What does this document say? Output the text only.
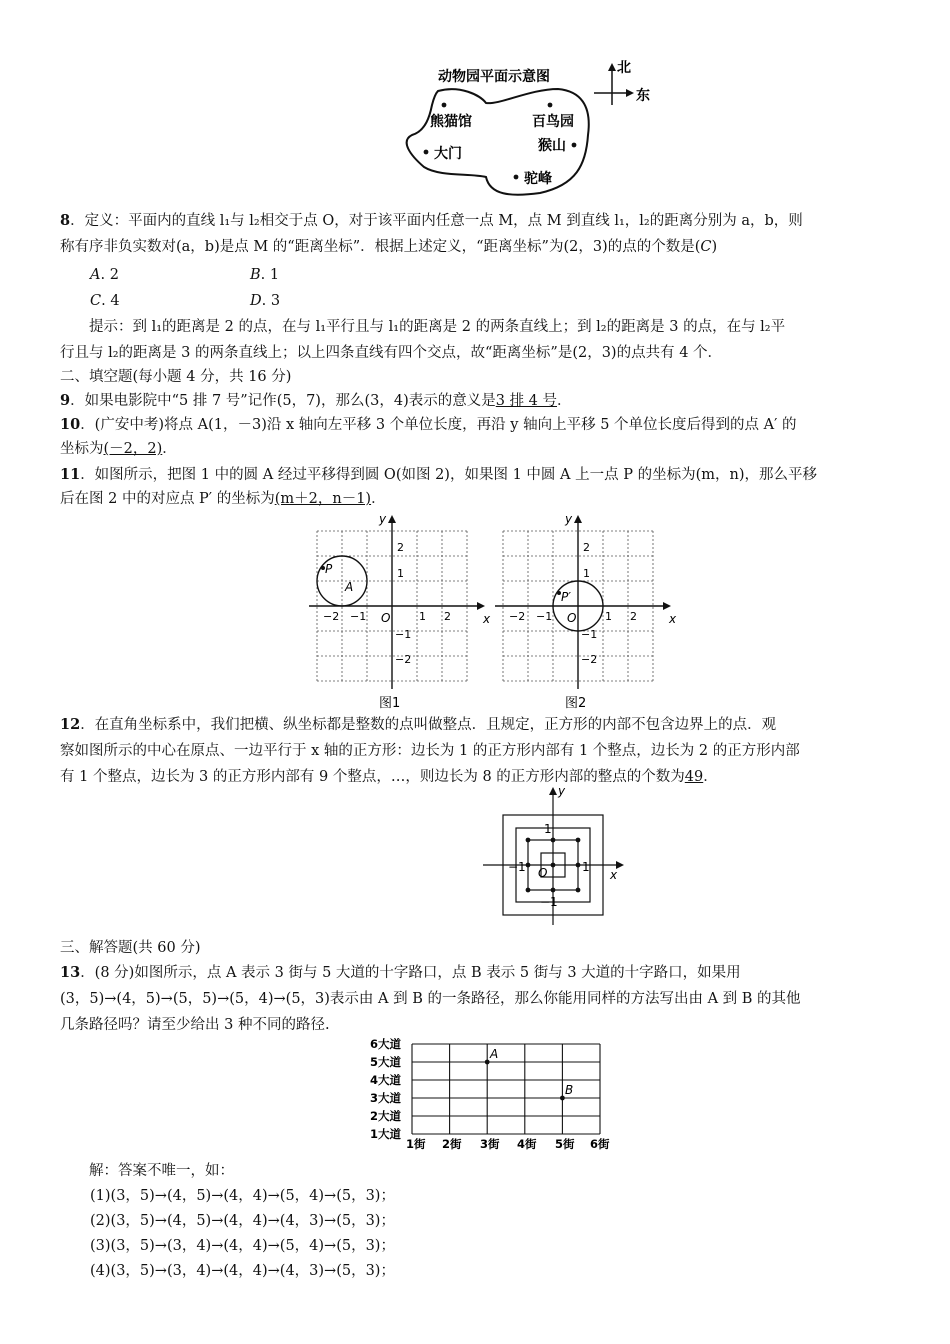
动物园平面示意图
北
东
熊猫馆	百鸟园
大门	猴山
驼峰

8．定义：平面内的直线 l₁与 l₂相交于点 O，对于该平面内任意一点 M，点 M 到直线 l₁，l₂的距离分别为 a，b，则

称有序非负实数对(a，b)是点 M 的“距离坐标”．根据上述定义，“距离坐标”为(2，3)的点的个数是(C)

A. 2	B. 1
C. 4	D. 3

提示：到 l₁的距离是 2 的点，在与 l₁平行且与 l₁的距离是 2 的两条直线上；到 l₂的距离是 3 的点，在与 l₂平

行且与 l₂的距离是 3 的两条直线上；以上四条直线有四个交点，故“距离坐标”是(2，3)的点共有 4 个．

二、填空题(每小题 4 分，共 16 分)

9．如果电影院中“5 排 7 号”记作(5，7)，那么(3，4)表示的意义是3 排 4 号．

10．(广安中考)将点 A(1，－3)沿 x 轴向左平移 3 个单位长度，再沿 y 轴向上平移 5 个单位长度后得到的点 A′ 的

坐标为(－2，2)．

11．如图所示，把图 1 中的圆 A 经过平移得到圆 O(如图 2)，如果图 1 中圆 A 上一点 P 的坐标为(m，n)，那么平移

后在图 2 中的对应点 P′ 的坐标为(m＋2，n－1)．

P
A
x
y
O	1 2
−2 −1
2
1
−1
−2
图1
P′
x
y
O	1 2
−2 −1
2
1
−1
−2
图2

12．在直角坐标系中，我们把横、纵坐标都是整数的点叫做整点．且规定，正方形的内部不包含边界上的点．观

察如图所示的中心在原点、一边平行于 x 轴的正方形：边长为 1 的正方形内部有 1 个整点，边长为 2 的正方形内部

有 1 个整点，边长为 3 的正方形内部有 9 个整点，…，则边长为 8 的正方形内部的整点的个数为49．

y
x
O
1
−1
−1	1

三、解答题(共 60 分)

13．(8 分)如图所示，点 A 表示 3 街与 5 大道的十字路口，点 B 表示 5 街与 3 大道的十字路口，如果用

(3，5)→(4，5)→(5，5)→(5，4)→(5，3)表示由 A 到 B 的一条路径，那么你能用同样的方法写出由 A 到 B 的其他

几条路径吗？请至少给出 3 种不同的路径.

6大道
5大道
4大道
3大道
2大道
1大道
1街 2街 3街 4街 5街 6街
A
B

解：答案不唯一，如：

(1)(3，5)→(4，5)→(4，4)→(5，4)→(5，3)；

(2)(3，5)→(4，5)→(4，4)→(4，3)→(5，3)；

(3)(3，5)→(3，4)→(4，4)→(5，4)→(5，3)；

(4)(3，5)→(3，4)→(4，4)→(4，3)→(5，3)；
